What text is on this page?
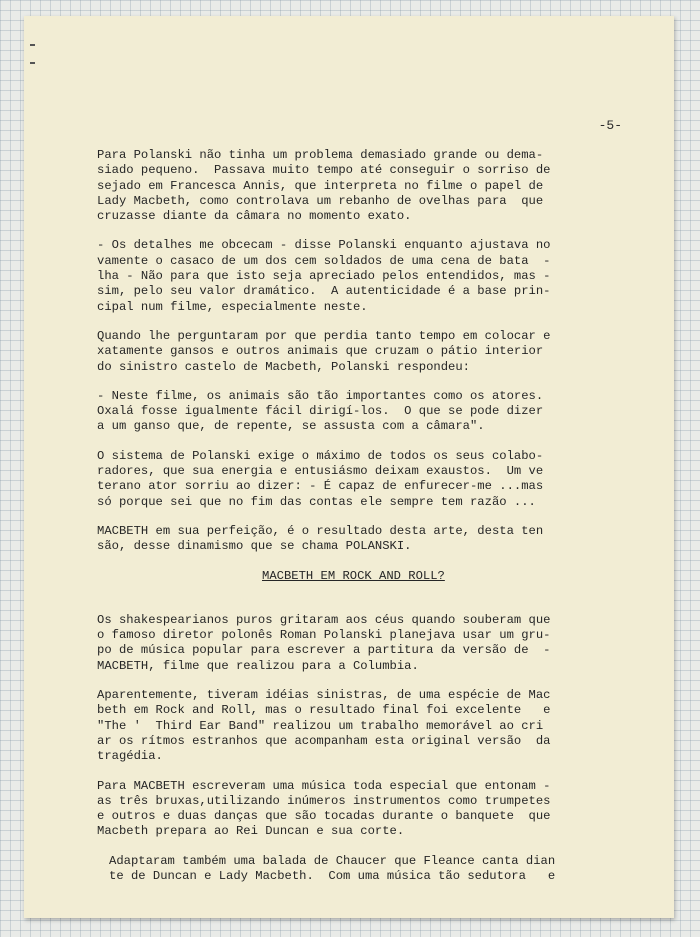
-5-

Para Polanski não tinha um problema demasiado grande ou dema-

siado pequeno.  Passava muito tempo até conseguir o sorriso de

sejado em Francesca Annis, que interpreta no filme o papel de

Lady Macbeth, como controlava um rebanho de ovelhas para  que

cruzasse diante da câmara no momento exato.

- Os detalhes me obcecam - disse Polanski enquanto ajustava no

vamente o casaco de um dos cem soldados de uma cena de bata  -

lha - Não para que isto seja apreciado pelos entendidos, mas -

sim, pelo seu valor dramático.  A autenticidade é a base prin-

cipal num filme, especialmente neste.

Quando lhe perguntaram por que perdia tanto tempo em colocar e

xatamente gansos e outros animais que cruzam o pátio interior

do sinistro castelo de Macbeth, Polanski respondeu:

- Neste filme, os animais são tão importantes como os atores.

Oxalá fosse igualmente fácil dirigí-los.  O que se pode dizer

a um ganso que, de repente, se assusta com a câmara".

O sistema de Polanski exige o máximo de todos os seus colabo-

radores, que sua energia e entusiásmo deixam exaustos.  Um ve

terano ator sorriu ao dizer: - É capaz de enfurecer-me ...mas

só porque sei que no fim das contas ele sempre tem razão ...

MACBETH em sua perfeição, é o resultado desta arte, desta ten

são, desse dinamismo que se chama POLANSKI.

MACBETH EM ROCK AND ROLL?

Os shakespearianos puros gritaram aos céus quando souberam que

o famoso diretor polonês Roman Polanski planejava usar um gru-

po de música popular para escrever a partitura da versão de  -

MACBETH, filme que realizou para a Columbia.

Aparentemente, tiveram idéias sinistras, de uma espécie de Mac

beth em Rock and Roll, mas o resultado final foi excelente   e

"The '  Third Ear Band" realizou um trabalho memorável ao cri

ar os rítmos estranhos que acompanham esta original versão  da

tragédia.

Para MACBETH escreveram uma música toda especial que entonam -

as três bruxas,utilizando inúmeros instrumentos como trumpetes

e outros e duas danças que são tocadas durante o banquete  que

Macbeth prepara ao Rei Duncan e sua corte.

Adaptaram também uma balada de Chaucer que Fleance canta dian

te de Duncan e Lady Macbeth.  Com uma música tão sedutora   e
